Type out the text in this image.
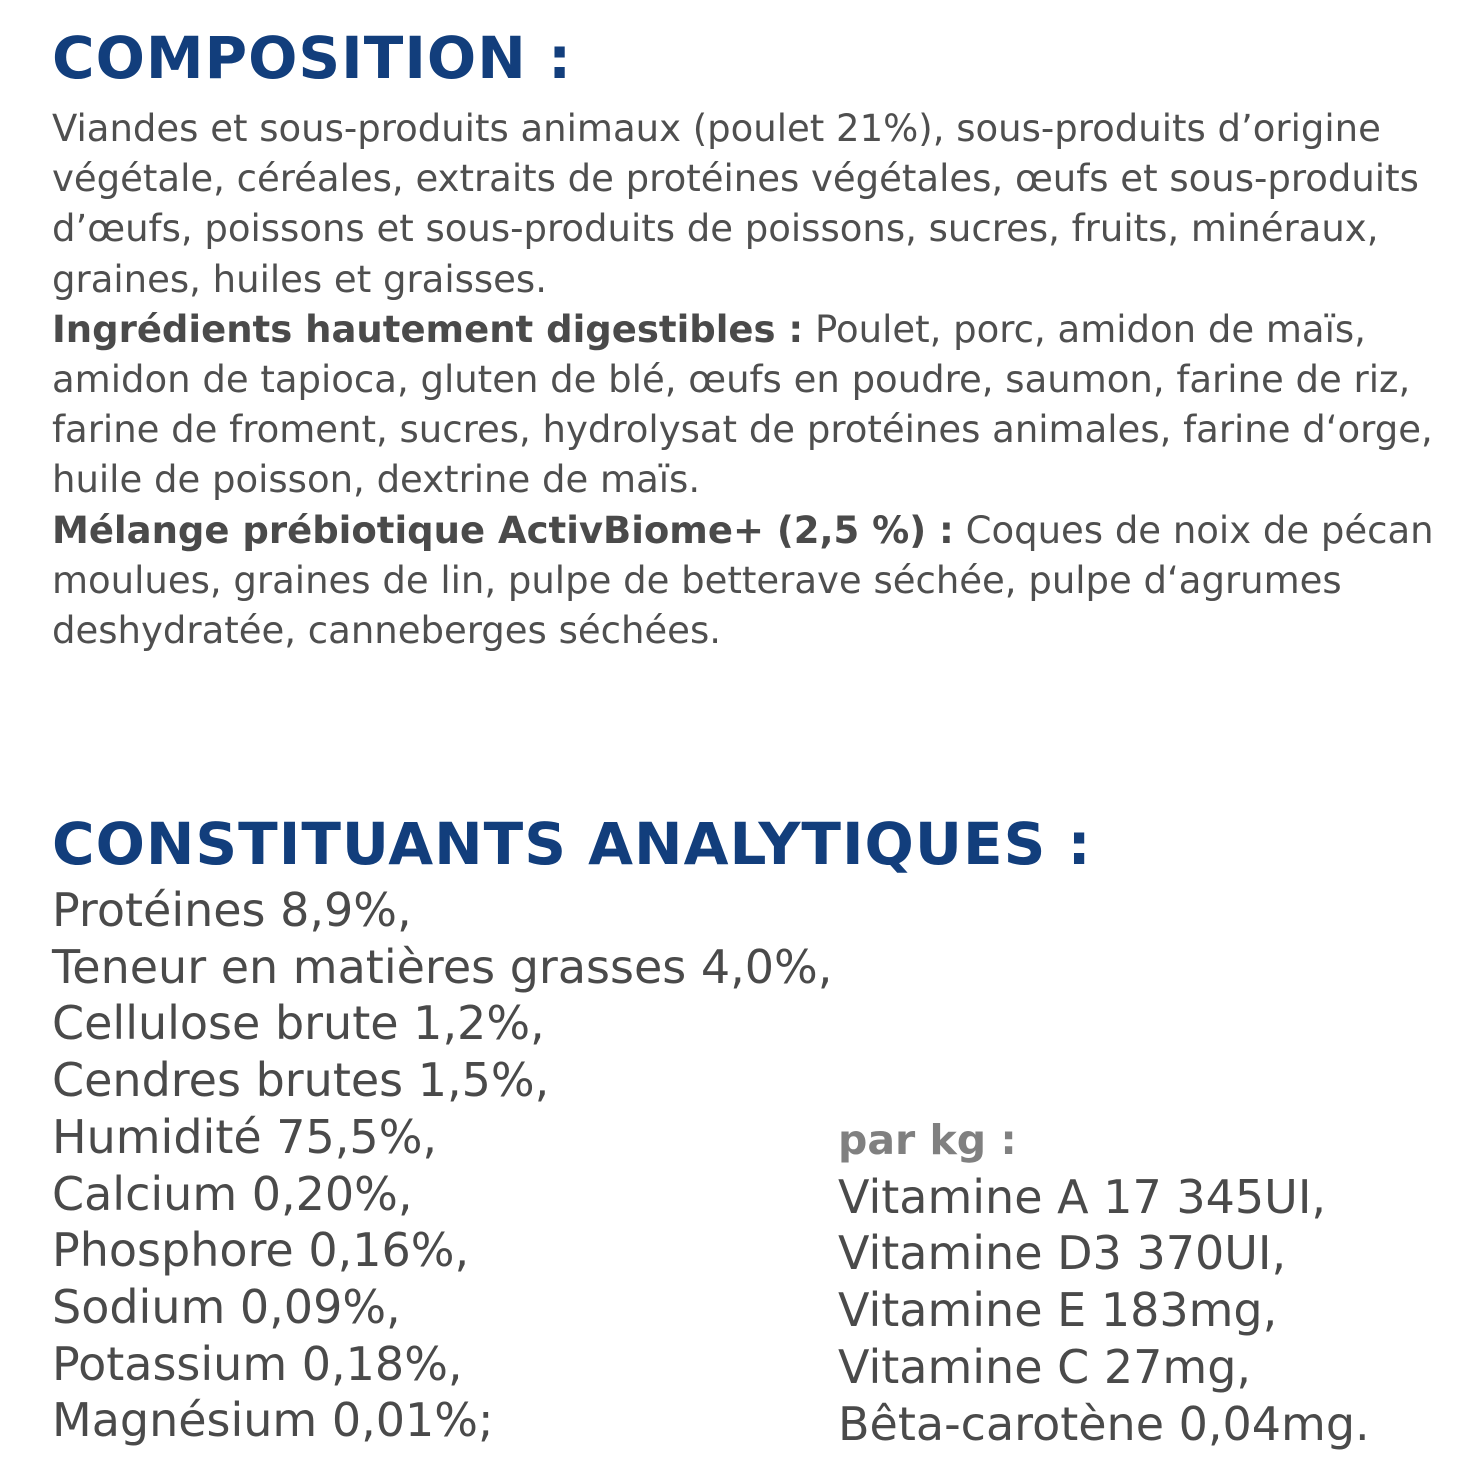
COMPOSITION :

Viandes et sous-produits animaux (poulet 21%), sous-produits d’origine végétale, céréales, extraits de protéines végétales, œufs et sous-produits d’œufs, poissons et sous-produits de poissons, sucres, fruits, minéraux, graines, huiles et graisses.
Ingrédients hautement digestibles : Poulet, porc, amidon de maïs, amidon de tapioca, gluten de blé, œufs en poudre, saumon, farine de riz, farine de froment, sucres, hydrolysat de protéines animales, farine d‘orge, huile de poisson, dextrine de maïs.
Mélange prébiotique ActivBiome+ (2,5 %) : Coques de noix de pécan moulues, graines de lin, pulpe de betterave séchée, pulpe d‘agrumes deshydratée, canneberges séchées.

CONSTITUANTS ANALYTIQUES :
Protéines 8,9%,
Teneur en matières grasses 4,0%,
Cellulose brute 1,2%,
Cendres brutes 1,5%,
Humidité 75,5%,
Calcium 0,20%,
Phosphore 0,16%,
Sodium 0,09%,
Potassium 0,18%,
Magnésium 0,01%;
par kg :
Vitamine A 17 345UI,
Vitamine D3 370UI,
Vitamine E 183mg,
Vitamine C 27mg,
Bêta-carotène 0,04mg.
